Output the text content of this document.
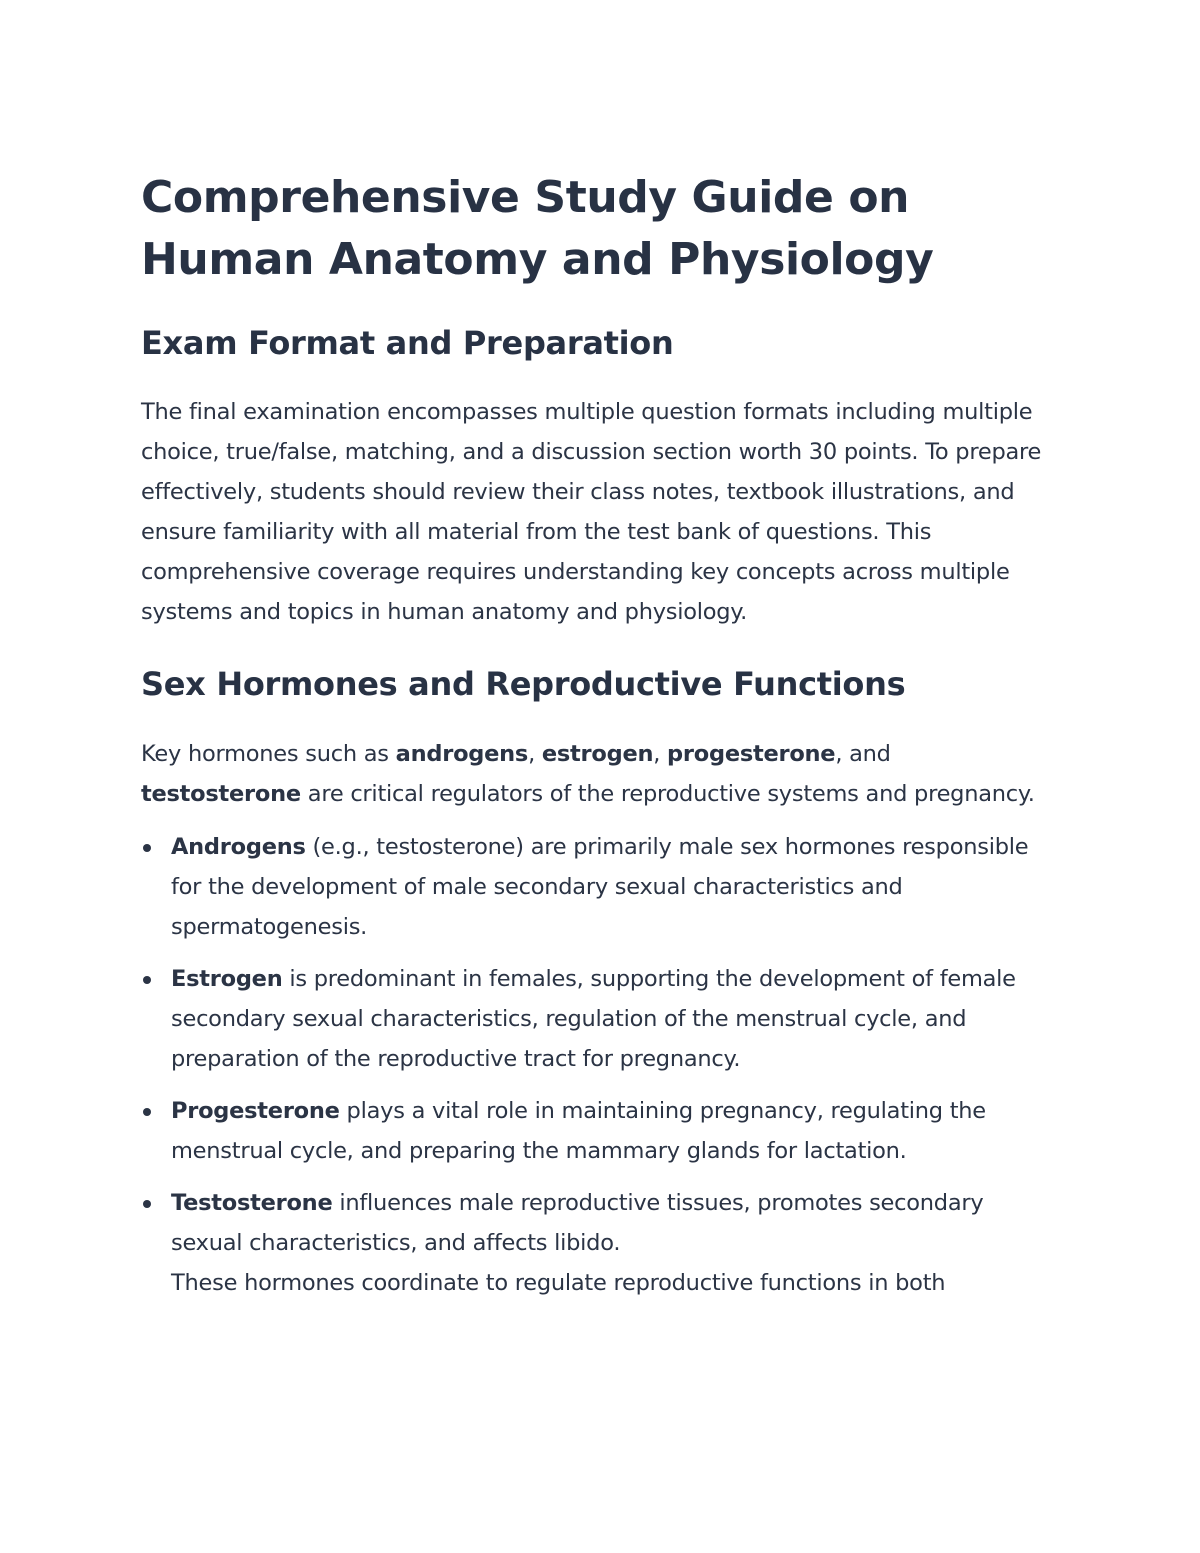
Comprehensive Study Guide on Human Anatomy and Physiology
Exam Format and Preparation

The final examination encompasses multiple question formats including multiple choice, true/false, matching, and a discussion section worth 30 points. To prepare effectively, students should review their class notes, textbook illustrations, and ensure familiarity with all material from the test bank of questions. This comprehensive coverage requires understanding key concepts across multiple systems and topics in human anatomy and physiology.

Sex Hormones and Reproductive Functions

Key hormones such as androgens, estrogen, progesterone, and testosterone are critical regulators of the reproductive systems and pregnancy.

Androgens (e.g., testosterone) are primarily male sex hormones responsible for the development of male secondary sexual characteristics and spermatogenesis.
Estrogen is predominant in females, supporting the development of female secondary sexual characteristics, regulation of the menstrual cycle, and preparation of the reproductive tract for pregnancy.
Progesterone plays a vital role in maintaining pregnancy, regulating the menstrual cycle, and preparing the mammary glands for lactation.
Testosterone influences male reproductive tissues, promotes secondary sexual characteristics, and affects libido.
These hormones coordinate to regulate reproductive functions in both
